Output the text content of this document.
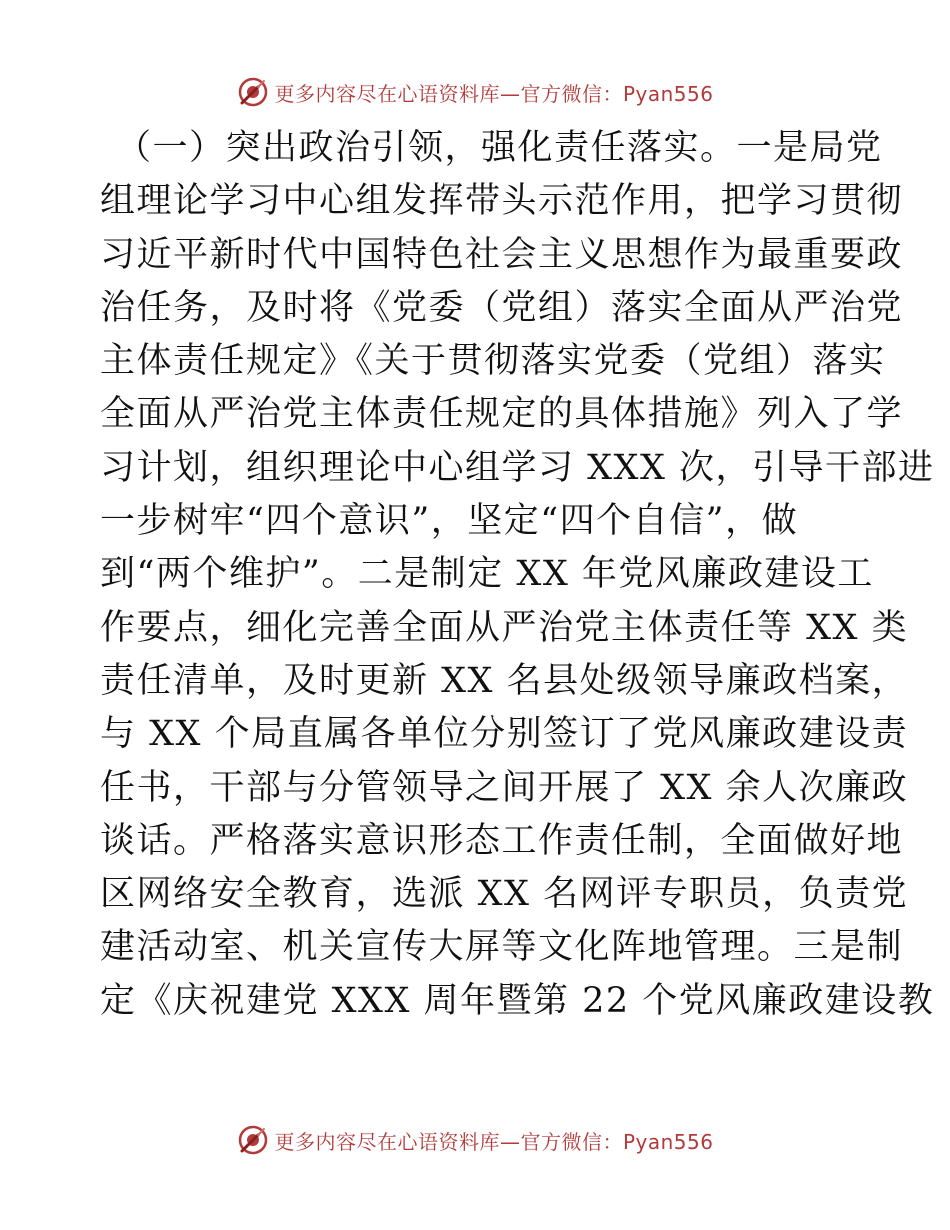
更多内容尽在心语资料库—官方微信：Pyan556
（一）突出政治引领，强化责任落实。一是局党
组理论学习中心组发挥带头示范作用，把学习贯彻
习近平新时代中国特色社会主义思想作为最重要政
治任务，及时将《党委（党组）落实全面从严治党
主体责任规定》《关于贯彻落实党委（党组）落实
全面从严治党主体责任规定的具体措施》列入了学
习计划，组织理论中心组学习 XXX 次，引导干部进
一步树牢“四个意识”，坚定“四个自信”，做
到“两个维护”。二是制定 XX 年党风廉政建设工
作要点，细化完善全面从严治党主体责任等 XX 类
责任清单，及时更新 XX 名县处级领导廉政档案，
与 XX 个局直属各单位分别签订了党风廉政建设责
任书，干部与分管领导之间开展了 XX 余人次廉政
谈话。严格落实意识形态工作责任制，全面做好地
区网络安全教育，选派 XX 名网评专职员，负责党
建活动室、机关宣传大屏等文化阵地管理。三是制
定《庆祝建党 XXX 周年暨第 22 个党风廉政建设教
更多内容尽在心语资料库—官方微信：Pyan556
